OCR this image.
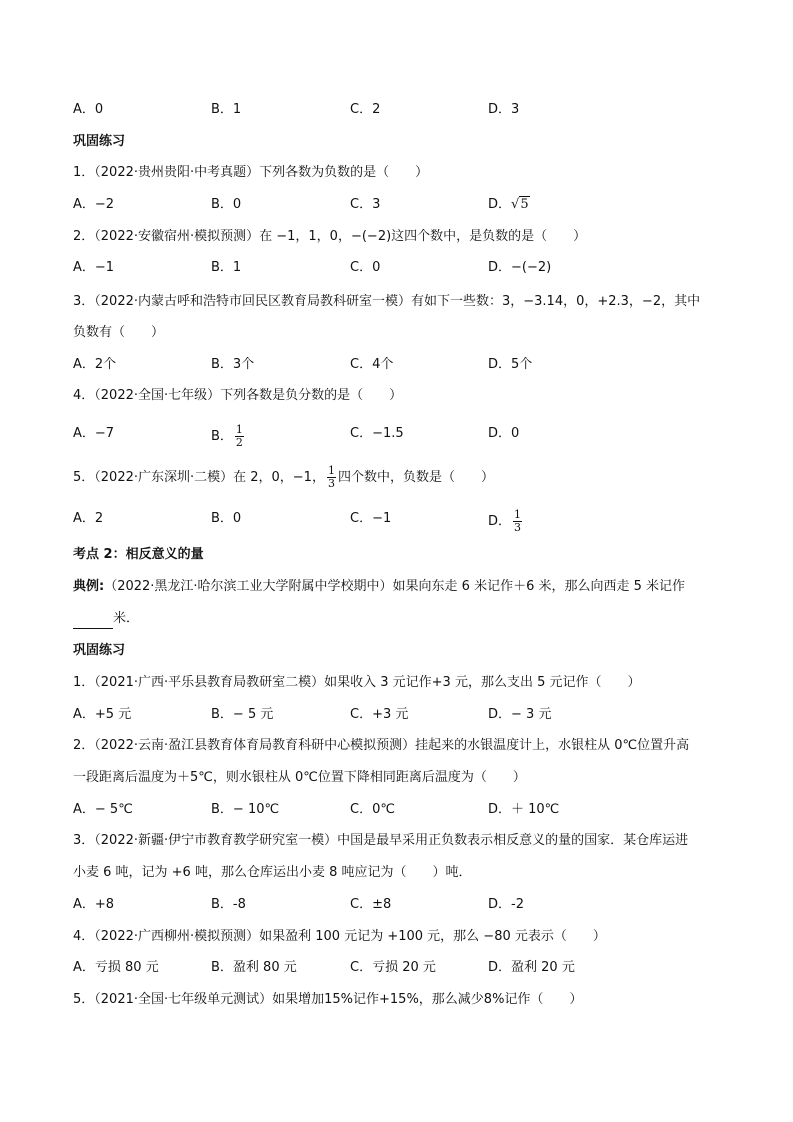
A．0	B．1	C．2	D．3
巩固练习
1．（2022·贵州贵阳·中考真题）下列各数为负数的是（　　）
A．−2	B．0	C．3	D．√5
2．（2022·安徽宿州·模拟预测）在 −1，1，0，−(−2)这四个数中，是负数的是（　　）
A．−1	B．1	C．0	D．−(−2)
3．（2022·内蒙古呼和浩特市回民区教育局教科研室一模）有如下一些数：3，−3.14，0，+2.3，−2，其中
负数有（　　）
A．2个	B．3个	C．4个	D．5个
4．（2022·全国·七年级）下列各数是负分数的是（　　）
A．−7	B． $\frac{1}{2}$	C．−1.5	D．0
5．（2022·广东深圳·二模）在 2，0，−1， $\frac{1}{3}$ 四个数中，负数是（　　）
A．2	B．0	C．−1	D． $\frac{1}{3}$
考点 2：相反意义的量
典例:（2022·黑龙江·哈尔滨工业大学附属中学校期中）如果向东走 6 米记作＋6 米，那么向西走 5 米记作
米．
巩固练习
1．（2021·广西·平乐县教育局教研室二模）如果收入 3 元记作+3 元，那么支出 5 元记作（　　）
A．+5 元	B．− 5 元	C．+3 元	D．− 3 元
2．（2022·云南·盈江县教育体育局教育科研中心模拟预测）挂起来的水银温度计上，水银柱从 0℃位置升高
一段距离后温度为＋5℃，则水银柱从 0℃位置下降相同距离后温度为（　　）
A．− 5℃	B．− 10℃	C．0℃	D．＋ 10℃
3．（2022·新疆·伊宁市教育教学研究室一模）中国是最早采用正负数表示相反意义的量的国家．某仓库运进
小麦 6 吨，记为 +6 吨，那么仓库运出小麦 8 吨应记为（　　）吨．
A．+8	B．-8	C．±8	D．-2
4．（2022·广西柳州·模拟预测）如果盈利 100 元记为 +100 元，那么 −80 元表示（　　）
A．亏损 80 元	B．盈利 80 元	C．亏损 20 元	D．盈利 20 元
5．（2021·全国·七年级单元测试）如果增加15%记作+15%，那么减少8%记作（　　）
